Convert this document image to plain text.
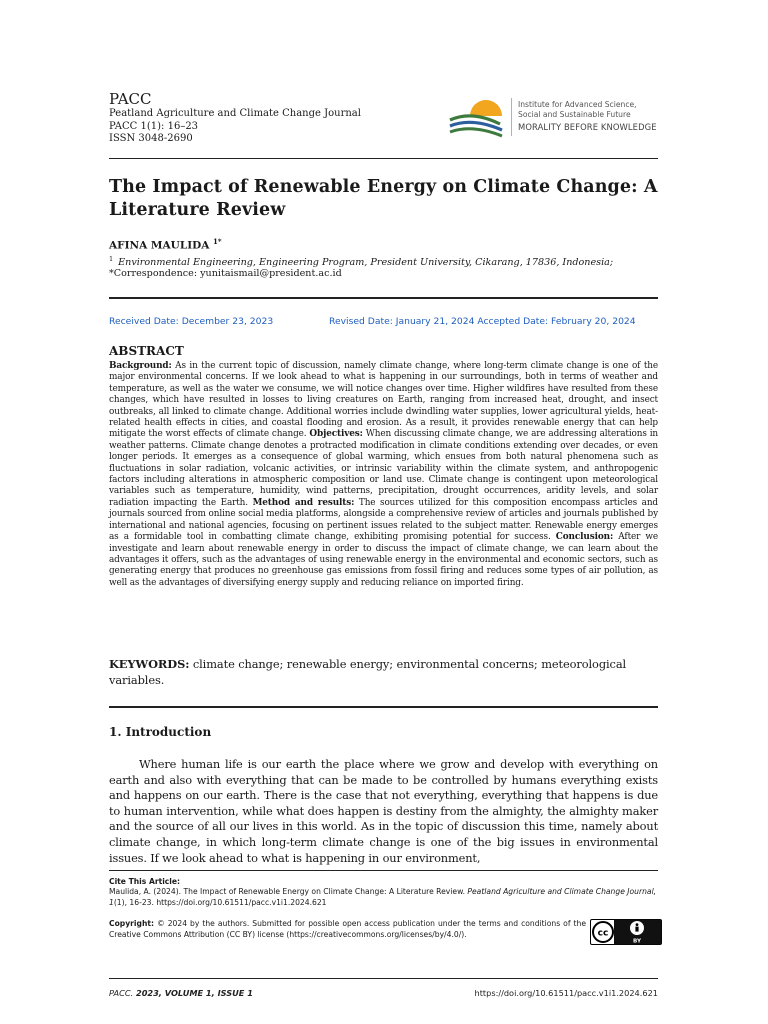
PACC
Peatland Agriculture and Climate Change Journal
PACC 1(1): 16–23
ISSN 3048-2690
Institute for Advanced Science,
Social and Sustainable Future
MORALITY BEFORE KNOWLEDGE
The Impact of Renewable Energy on Climate Change: A Literature Review
AFINA MAULIDA $^{1*}$
$^1$ Environmental Engineering, Engineering Program, President University, Cikarang, 17836, Indonesia;
*Correspondence: yunitaismail@president.ac.id
Received Date: December 23, 2023	Revised Date: January 21, 2024 Accepted Date: February 20, 2024
ABSTRACT

Background: As in the current topic of discussion, namely climate change, where long-term climate change is one of the major environmental concerns. If we look ahead to what is happening in our surroundings, both in terms of weather and temperature, as well as the water we consume, we will notice changes over time. Higher wildfires have resulted from these changes, which have resulted in losses to living creatures on Earth, ranging from increased heat, drought, and insect outbreaks, all linked to climate change. Additional worries include dwindling water supplies, lower agricultural yields, heat-related health effects in cities, and coastal flooding and erosion. As a result, it provides renewable energy that can help mitigate the worst effects of climate change. Objectives: When discussing climate change, we are addressing alterations in weather patterns. Climate change denotes a protracted modification in climate conditions extending over decades, or even longer periods. It emerges as a consequence of global warming, which ensues from both natural phenomena such as fluctuations in solar radiation, volcanic activities, or intrinsic variability within the climate system, and anthropogenic factors including alterations in atmospheric composition or land use. Climate change is contingent upon meteorological variables such as temperature, humidity, wind patterns, precipitation, drought occurrences, aridity levels, and solar radiation impacting the Earth. Method and results: The sources utilized for this composition encompass articles and journals sourced from online social media platforms, alongside a comprehensive review of articles and journals published by international and national agencies, focusing on pertinent issues related to the subject matter. Renewable energy emerges as a formidable tool in combatting climate change, exhibiting promising potential for success. Conclusion: After we investigate and learn about renewable energy in order to discuss the impact of climate change, we can learn about the advantages it offers, such as the advantages of using renewable energy in the environmental and economic sectors, such as generating energy that produces no greenhouse gas emissions from fossil firing and reduces some types of air pollution, as well as the advantages of diversifying energy supply and reducing reliance on imported firing.

KEYWORDS: climate change; renewable energy; environmental concerns; meteorological variables.
1. Introduction

Where human life is our earth the place where we grow and develop with everything on earth and also with everything that can be made to be controlled by humans everything exists and happens on our earth. There is the case that not everything, everything that happens is due to human intervention, while what does happen is destiny from the almighty, the almighty maker and the source of all our lives in this world. As in the topic of discussion this time, namely about climate change, in which long-term climate change is one of the big issues in environmental issues. If we look ahead to what is happening in our environment,

Cite This Article:
Maulida, A. (2024). The Impact of Renewable Energy on Climate Change: A Literature Review. Peatland Agriculture and Climate Change Journal, 1(1), 16-23. https://doi.org/10.61511/pacc.v1i1.2024.621
Copyright: © 2024 by the authors. Submitted for possible open access publication under the terms and conditions of the Creative Commons Attribution (CC BY) license (https://creativecommons.org/licenses/by/4.0/).	cc
BY
PACC. 2023, VOLUME 1, ISSUE 1	https://doi.org/10.61511/pacc.v1i1.2024.621
